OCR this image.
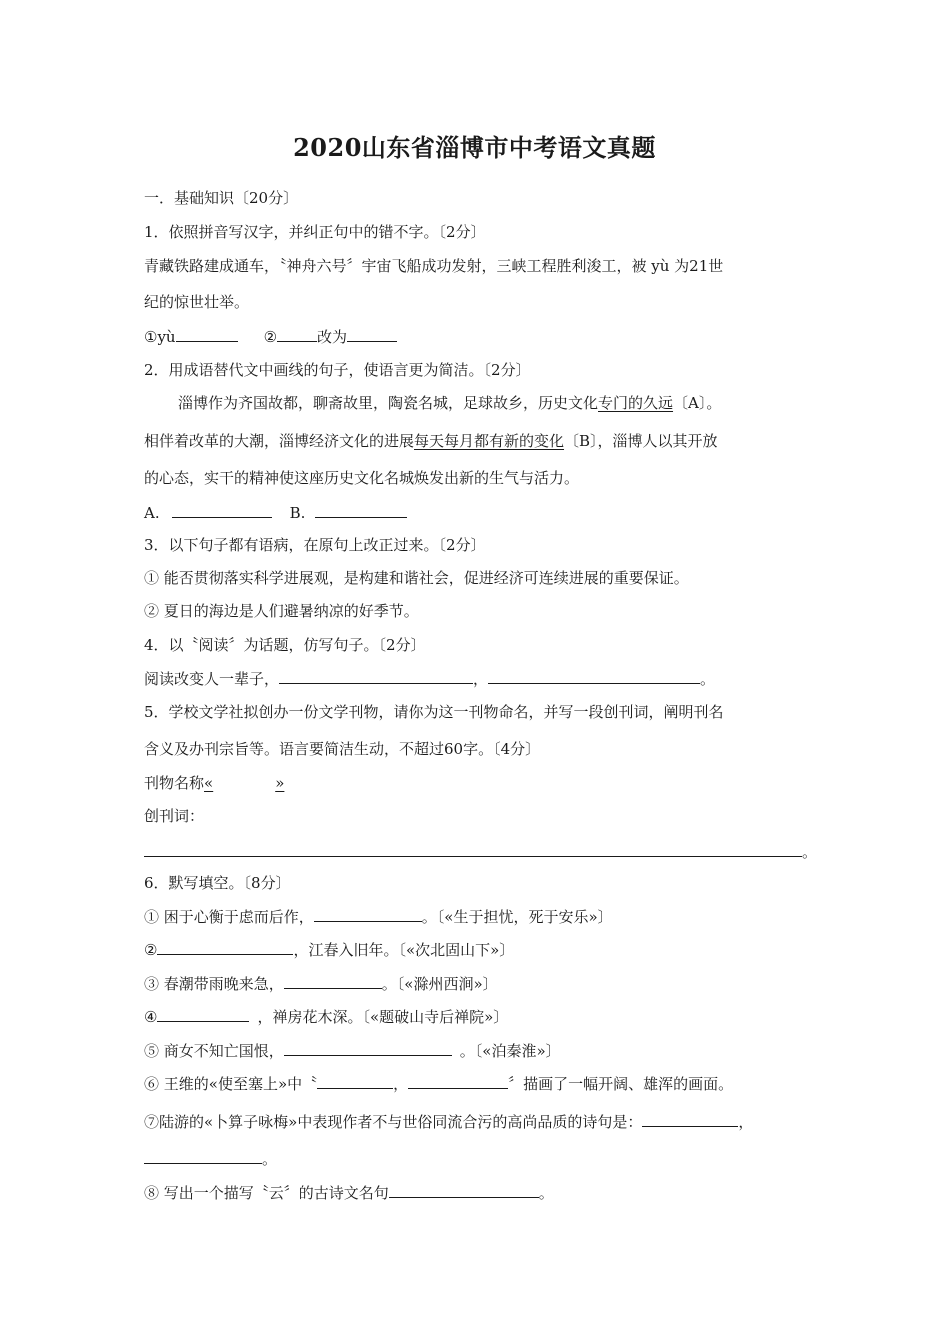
2020山东省淄博市中考语文真题
一．基础知识〔20分〕
1．依照拼音写汉字，并纠正句中的错不字。〔2分〕
青藏铁路建成通车，〝神舟六号〞宇宙飞船成功发射，三峡工程胜利浚工，被 yù 为21世
纪的惊世壮举。
①yù	②	改为
2．用成语替代文中画线的句子，使语言更为简洁。〔2分〕
淄博作为齐国故都，聊斋故里，陶瓷名城，足球故乡，历史文化专门的久远〔A〕。
相伴着改革的大潮，淄博经济文化的进展每天每月都有新的变化〔B〕，淄博人以其开放
的心态，实干的精神使这座历史文化名城焕发出新的生气与活力。
A.	B.
3．以下句子都有语病，在原句上改正过来。〔2分〕
① 能否贯彻落实科学进展观，是构建和谐社会，促进经济可连续进展的重要保证。
② 夏日的海边是人们避暑纳凉的好季节。
4．以〝阅读〞为话题，仿写句子。〔2分〕
阅读改变人一辈子，	，	。
5．学校文学社拟创办一份文学刊物，请你为这一刊物命名，并写一段创刊词，阐明刊名
含义及办刊宗旨等。语言要简洁生动，不超过60字。〔4分〕
刊物名称«	»
创刊词：
。
6．默写填空。〔8分〕
① 困于心衡于虑而后作，	。〔«生于担忧，死于安乐»〕
②	，江春入旧年。〔«次北固山下»〕
③ 春潮带雨晚来急，	。〔«滁州西涧»〕
④	，禅房花木深。〔«题破山寺后禅院»〕
⑤ 商女不知亡国恨，	。〔«泊秦淮»〕
⑥ 王维的«使至塞上»中〝	，	〞描画了一幅开阔、雄浑的画面。
⑦陆游的«卜算子咏梅»中表现作者不与世俗同流合污的高尚品质的诗句是：	，
。
⑧ 写出一个描写〝云〞的古诗文名句	。
